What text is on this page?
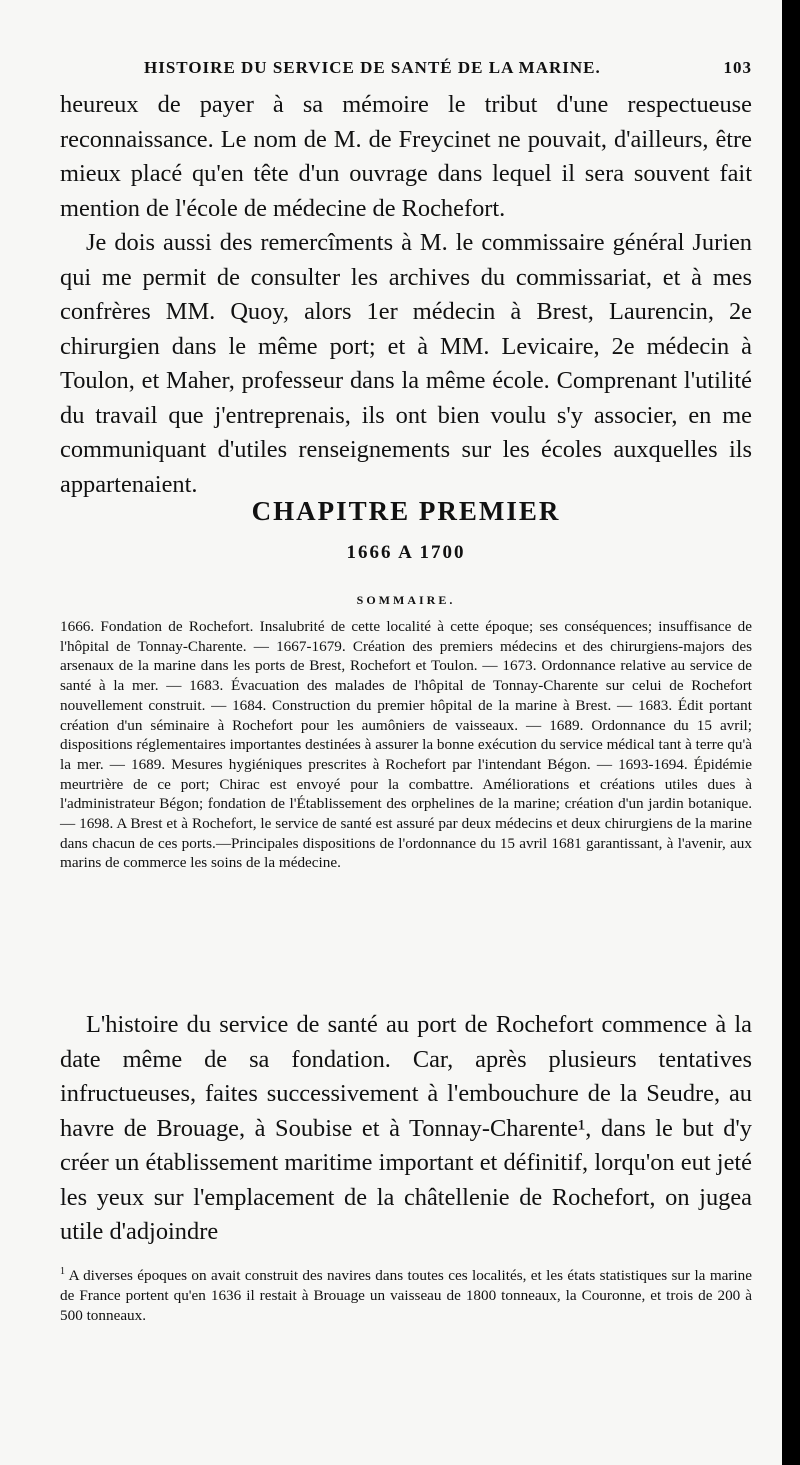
HISTOIRE DU SERVICE DE SANTÉ DE LA MARINE.	103

heureux de payer à sa mémoire le tribut d'une respectueuse reconnaissance. Le nom de M. de Freycinet ne pouvait, d'ailleurs, être mieux placé qu'en tête d'un ouvrage dans lequel il sera souvent fait mention de l'école de médecine de Rochefort.

Je dois aussi des remercîments à M. le commissaire général Jurien qui me permit de consulter les archives du commissariat, et à mes confrères MM. Quoy, alors 1er médecin à Brest, Laurencin, 2e chirurgien dans le même port; et à MM. Levicaire, 2e médecin à Toulon, et Maher, professeur dans la même école. Comprenant l'utilité du travail que j'entreprenais, ils ont bien voulu s'y associer, en me communiquant d'utiles renseignements sur les écoles auxquelles ils appartenaient.

CHAPITRE PREMIER
1666 A 1700
SOMMAIRE.

1666. Fondation de Rochefort. Insalubrité de cette localité à cette époque; ses conséquences; insuffisance de l'hôpital de Tonnay-Charente. — 1667-1679. Création des premiers médecins et des chirurgiens-majors des arsenaux de la marine dans les ports de Brest, Rochefort et Toulon. — 1673. Ordonnance relative au service de santé à la mer. — 1683. Évacuation des malades de l'hôpital de Tonnay-Charente sur celui de Rochefort nouvellement construit. — 1684. Construction du premier hôpital de la marine à Brest. — 1683. Édit portant création d'un séminaire à Rochefort pour les aumôniers de vaisseaux. — 1689. Ordonnance du 15 avril; dispositions réglementaires importantes destinées à assurer la bonne exécution du service médical tant à terre qu'à la mer. — 1689. Mesures hygiéniques prescrites à Rochefort par l'intendant Bégon. — 1693-1694. Épidémie meurtrière de ce port; Chirac est envoyé pour la combattre. Améliorations et créations utiles dues à l'administrateur Bégon; fondation de l'Établissement des orphelines de la marine; création d'un jardin botanique.— 1698. A Brest et à Rochefort, le service de santé est assuré par deux médecins et deux chirurgiens de la marine dans chacun de ces ports.—Principales dispositions de l'ordonnance du 15 avril 1681 garantissant, à l'avenir, aux marins de commerce les soins de la médecine.

L'histoire du service de santé au port de Rochefort commence à la date même de sa fondation. Car, après plusieurs tentatives infructueuses, faites successivement à l'embouchure de la Seudre, au havre de Brouage, à Soubise et à Tonnay-Charente¹, dans le but d'y créer un établissement maritime important et définitif, lorqu'on eut jeté les yeux sur l'emplacement de la châtellenie de Rochefort, on jugea utile d'adjoindre

$^1$ A diverses époques on avait construit des navires dans toutes ces localités, et les états statistiques sur la marine de France portent qu'en 1636 il restait à Brouage un vaisseau de 1800 tonneaux, la Couronne, et trois de 200 à 500 tonneaux.
